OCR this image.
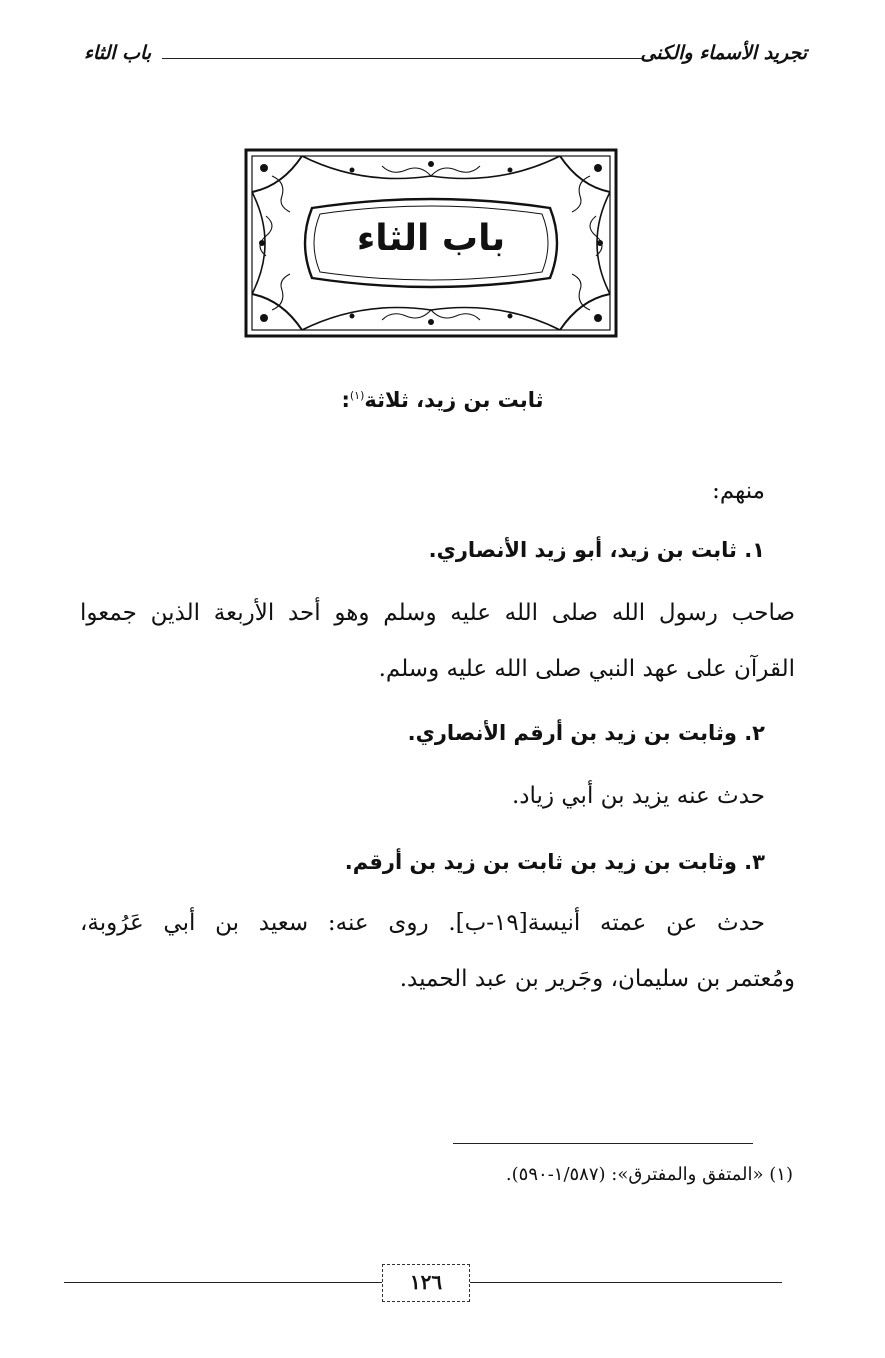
تجريد الأسماء والكنى
باب الثاء
باب الثاء
ثابت بن زيد، ثلاثة$^{(١)}$:
منهم:
١. ثابت بن زيد، أبو زيد الأنصاري.
صاحب رسول الله صلى الله عليه وسلم وهو أحد الأربعة الذين جمعوا
القرآن على عهد النبي صلى الله عليه وسلم.
٢. وثابت بن زيد بن أرقم الأنصاري.
حدث عنه يزيد بن أبي زياد.
٣. وثابت بن زيد بن ثابت بن زيد بن أرقم.
حدث عن عمته أنيسة[١٩-ب]. روى عنه: سعيد بن أبي عَرُوبة،
ومُعتمر بن سليمان، وجَرير بن عبد الحميد.
(١) «المتفق والمفترق»: (١/٥٨٧-٥٩٠).
١٢٦
